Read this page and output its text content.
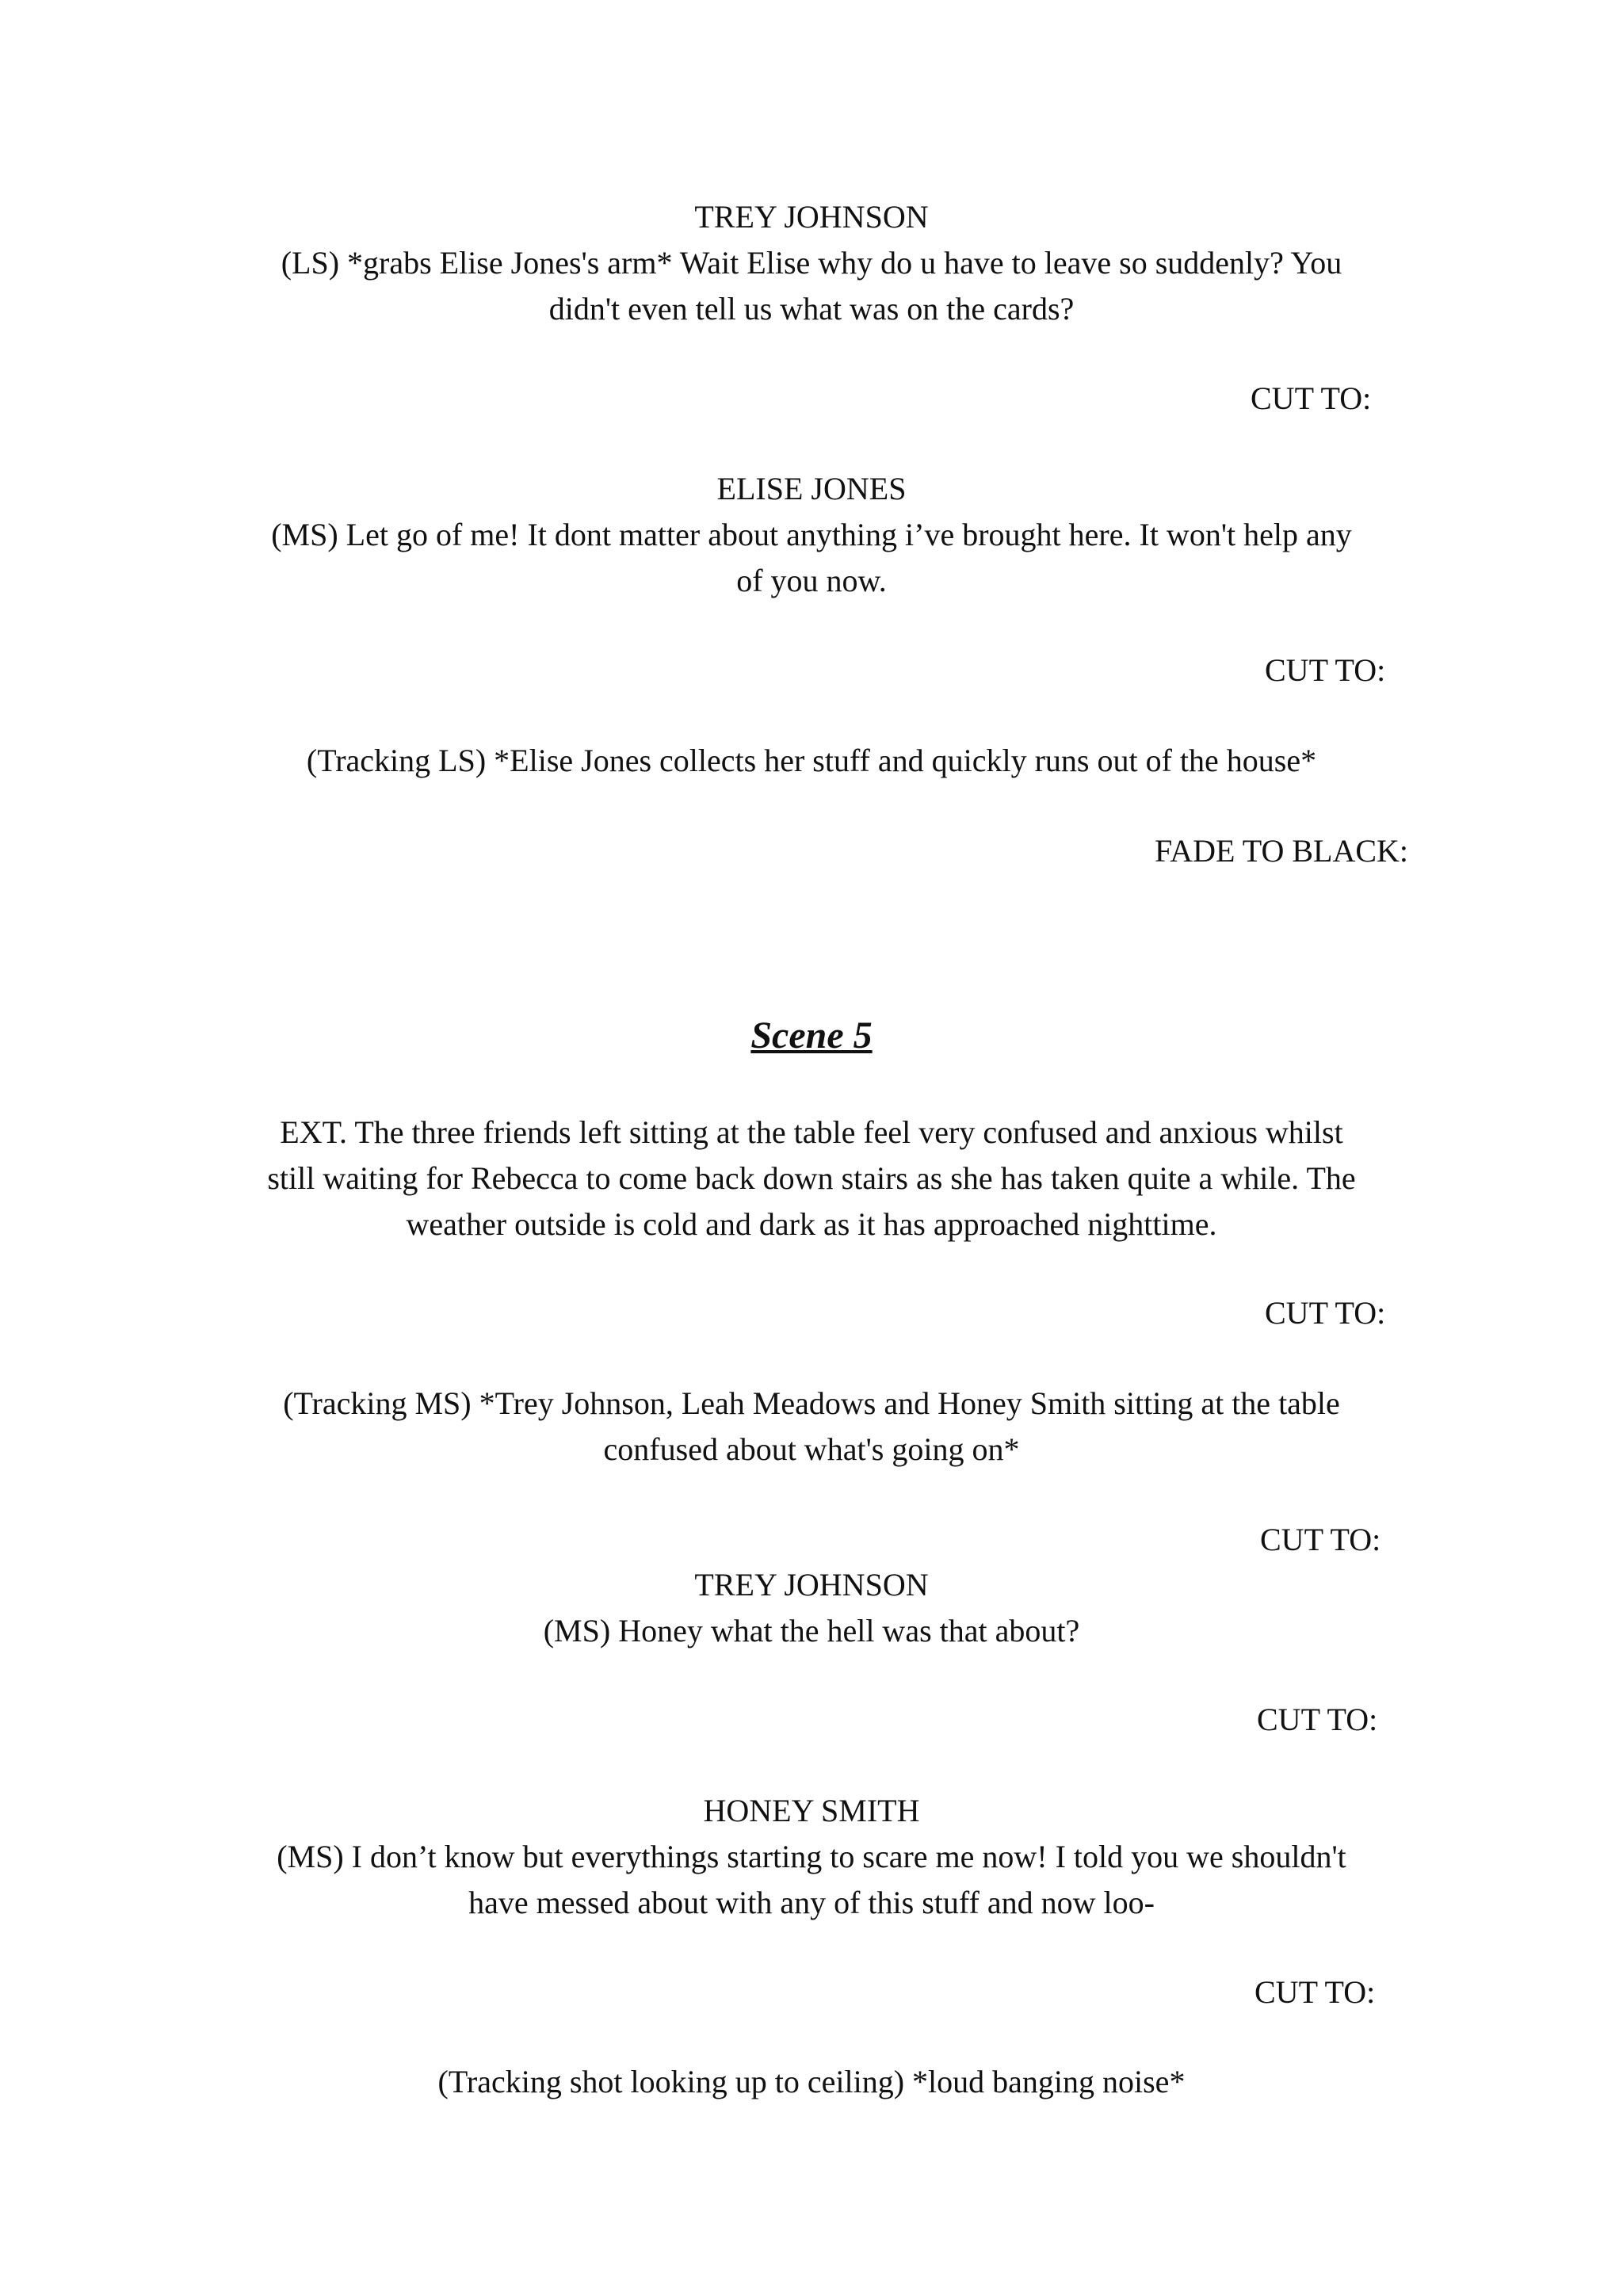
TREY JOHNSON

(LS) *grabs Elise Jones's arm* Wait Elise why do u have to leave so suddenly? You

didn't even tell us what was on the cards?

CUT TO:

ELISE JONES

(MS) Let go of me! It dont matter about anything i’ve brought here. It won't help any

of you now.

CUT TO:

(Tracking LS) *Elise Jones collects her stuff and quickly runs out of the house*

FADE TO BLACK:

Scene 5

EXT. The three friends left sitting at the table feel very confused and anxious whilst

still waiting for Rebecca to come back down stairs as she has taken quite a while. The

weather outside is cold and dark as it has approached nighttime.

CUT TO:

(Tracking MS) *Trey Johnson, Leah Meadows and Honey Smith sitting at the table

confused about what's going on*

CUT TO:

TREY JOHNSON

(MS) Honey what the hell was that about?

CUT TO:

HONEY SMITH

(MS) I don’t know but everythings starting to scare me now! I told you we shouldn't

have messed about with any of this stuff and now loo-

CUT TO:

(Tracking shot looking up to ceiling) *loud banging noise*
